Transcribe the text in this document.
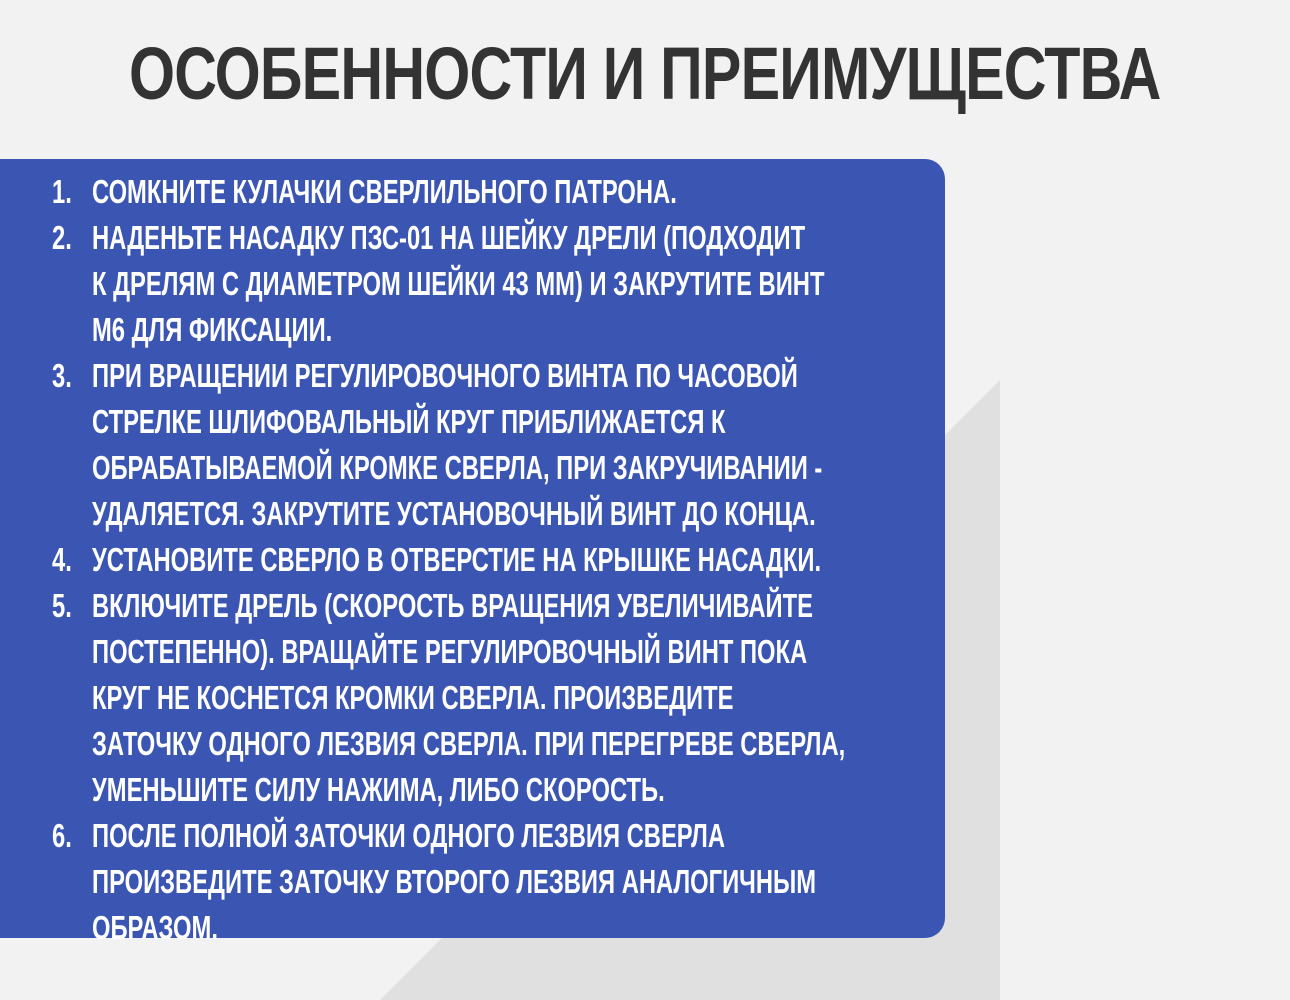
ОСОБЕННОСТИ И ПРЕИМУЩЕСТВА
1. СОМКНИТЕ КУЛАЧКИ СВЕРЛИЛЬНОГО ПАТРОНА.
2. НАДЕНЬТЕ НАСАДКУ ПЗС-01 НА ШЕЙКУ ДРЕЛИ (ПОДХОДИТ
К ДРЕЛЯМ С ДИАМЕТРОМ ШЕЙКИ 43 ММ) И ЗАКРУТИТЕ ВИНТ
М6 ДЛЯ ФИКСАЦИИ.
3. ПРИ ВРАЩЕНИИ РЕГУЛИРОВОЧНОГО ВИНТА ПО ЧАСОВОЙ
СТРЕЛКЕ ШЛИФОВАЛЬНЫЙ КРУГ ПРИБЛИЖАЕТСЯ К
ОБРАБАТЫВАЕМОЙ КРОМКЕ СВЕРЛА, ПРИ ЗАКРУЧИВАНИИ -
УДАЛЯЕТСЯ. ЗАКРУТИТЕ УСТАНОВОЧНЫЙ ВИНТ ДО КОНЦА.
4. УСТАНОВИТЕ СВЕРЛО В ОТВЕРСТИЕ НА КРЫШКЕ НАСАДКИ.
5. ВКЛЮЧИТЕ ДРЕЛЬ (СКОРОСТЬ ВРАЩЕНИЯ УВЕЛИЧИВАЙТЕ
ПОСТЕПЕННО). ВРАЩАЙТЕ РЕГУЛИРОВОЧНЫЙ ВИНТ ПОКА
КРУГ НЕ КОСНЕТСЯ КРОМКИ СВЕРЛА. ПРОИЗВЕДИТЕ
ЗАТОЧКУ ОДНОГО ЛЕЗВИЯ СВЕРЛА. ПРИ ПЕРЕГРЕВЕ СВЕРЛА,
УМЕНЬШИТЕ СИЛУ НАЖИМА, ЛИБО СКОРОСТЬ.
6. ПОСЛЕ ПОЛНОЙ ЗАТОЧКИ ОДНОГО ЛЕЗВИЯ СВЕРЛА
ПРОИЗВЕДИТЕ ЗАТОЧКУ ВТОРОГО ЛЕЗВИЯ АНАЛОГИЧНЫМ
ОБРАЗОМ.
